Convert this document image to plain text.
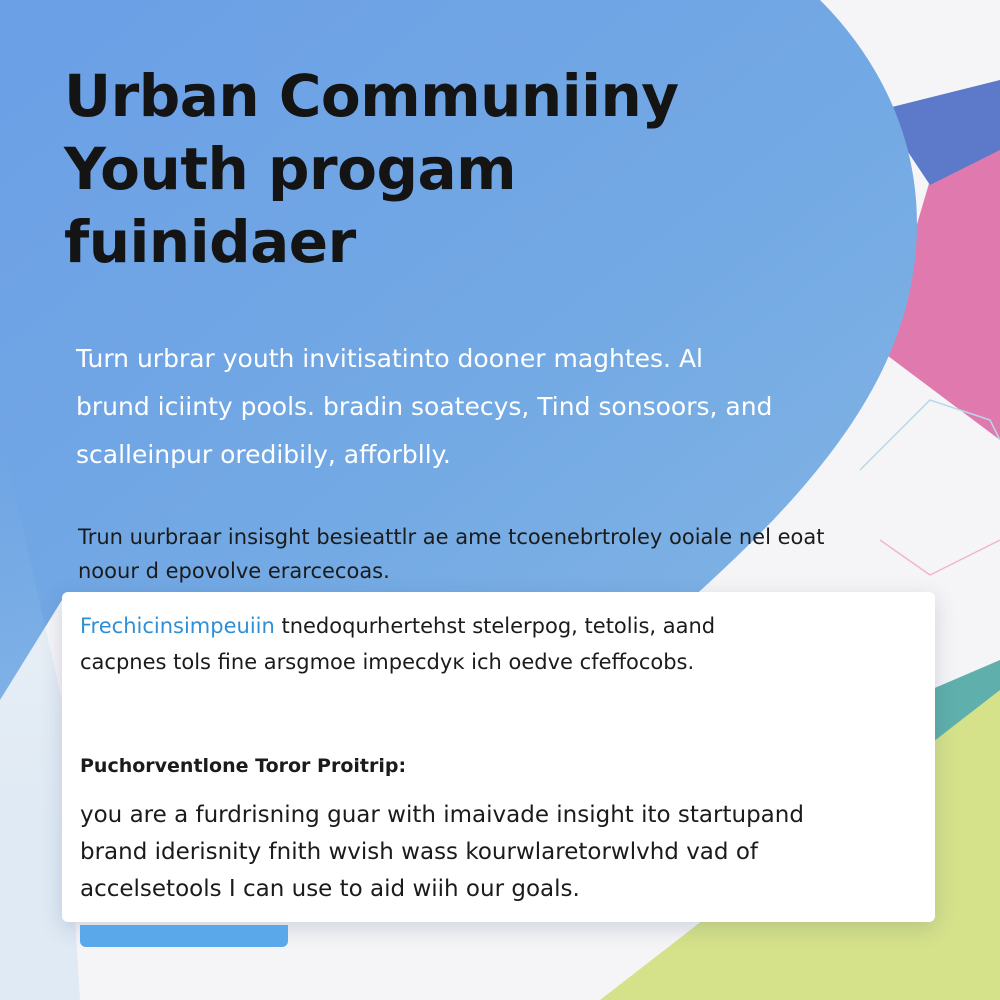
Urban Communiiny
Youth progam
fuinidaer

Turn urbrar youth invitisatinto dooner maghtes. Al
brund iciinty pools. bradin soatecys, Tind sonsoors, and
scalleinpur oredibily, afforblly.

Trun uurbraar insisght besieattlr ae ame tcoenebrtroley ooiale nel eoat
noour d epovolve erarcecoas.

Frechicinsimpeuiin tnedoqurhertehst stelerpog, tetolis, aand

cacpnes tols fine arsgmoe impecdyĸ ich oedve cfeffocobs.

Puchorventlone Toror Proitrip:

you are a furdrisning guar with imaivade insight ito startupand
brand iderisnity fnith wvish wass kourwlaretorwlvhd vad of
accelsetools I can use to aid wiih our goals.
